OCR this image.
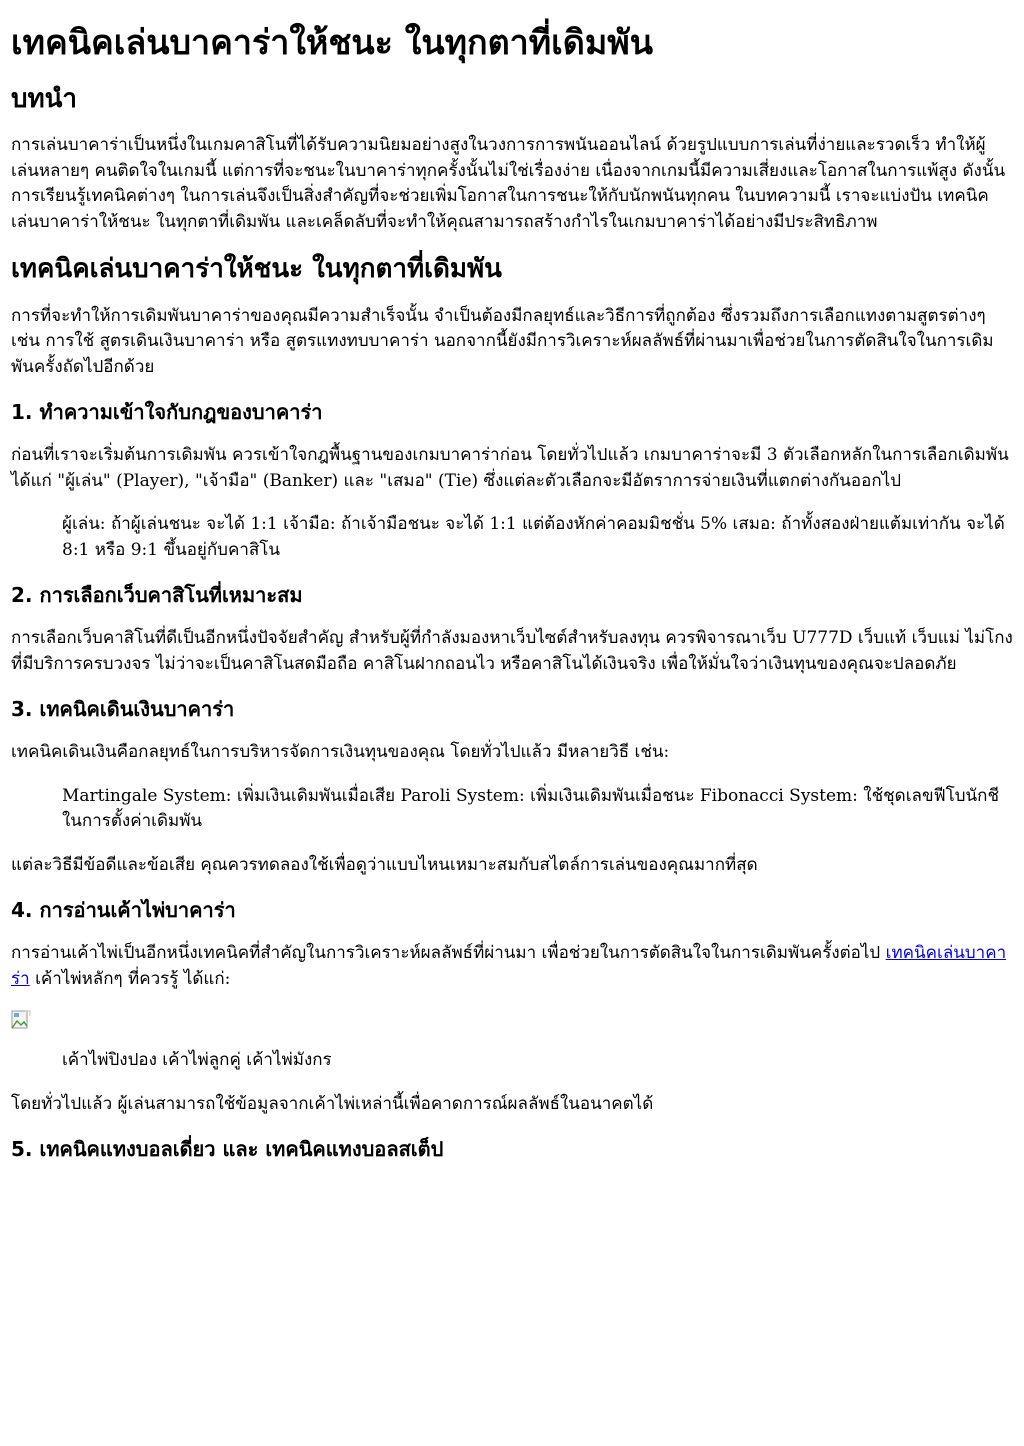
เทคนิคเล่นบาคาร่าให้ชนะ ในทุกตาที่เดิมพัน
บทนำ

การเล่นบาคาร่าเป็นหนึ่งในเกมคาสิโนที่ได้รับความนิยมอย่างสูงในวงการการพนันออนไลน์ ด้วยรูปแบบการเล่นที่ง่ายและรวดเร็ว ทำให้ผู้เล่นหลายๆ คนติดใจในเกมนี้ แต่การที่จะชนะในบาคาร่าทุกครั้งนั้นไม่ใช่เรื่องง่าย เนื่องจากเกมนี้มีความเสี่ยงและโอกาสในการแพ้สูง ดังนั้น การเรียนรู้เทคนิคต่างๆ ในการเล่นจึงเป็นสิ่งสำคัญที่จะช่วยเพิ่มโอกาสในการชนะให้กับนักพนันทุกคน ในบทความนี้ เราจะแบ่งปัน เทคนิคเล่นบาคาร่าให้ชนะ ในทุกตาที่เดิมพัน และเคล็ดลับที่จะทำให้คุณสามารถสร้างกำไรในเกมบาคาร่าได้อย่างมีประสิทธิภาพ

เทคนิคเล่นบาคาร่าให้ชนะ ในทุกตาที่เดิมพัน

การที่จะทำให้การเดิมพันบาคาร่าของคุณมีความสำเร็จนั้น จำเป็นต้องมีกลยุทธ์และวิธีการที่ถูกต้อง ซึ่งรวมถึงการเลือกแทงตามสูตรต่างๆ เช่น การใช้ สูตรเดินเงินบาคาร่า หรือ สูตรแทงทบบาคาร่า นอกจากนี้ยังมีการวิเคราะห์ผลลัพธ์ที่ผ่านมาเพื่อช่วยในการตัดสินใจในการเดิมพันครั้งถัดไปอีกด้วย

1. ทำความเข้าใจกับกฎของบาคาร่า

ก่อนที่เราจะเริ่มต้นการเดิมพัน ควรเข้าใจกฎพื้นฐานของเกมบาคาร่าก่อน โดยทั่วไปแล้ว เกมบาคาร่าจะมี 3 ตัวเลือกหลักในการเลือกเดิมพัน ได้แก่ "ผู้เล่น" (Player), "เจ้ามือ" (Banker) และ "เสมอ" (Tie) ซึ่งแต่ละตัวเลือกจะมีอัตราการจ่ายเงินที่แตกต่างกันออกไป

ผู้เล่น: ถ้าผู้เล่นชนะ จะได้ 1:1 เจ้ามือ: ถ้าเจ้ามือชนะ จะได้ 1:1 แต่ต้องหักค่าคอมมิชชั่น 5% เสมอ: ถ้าทั้งสองฝ่ายแต้มเท่ากัน จะได้ 8:1 หรือ 9:1 ขึ้นอยู่กับคาสิโน
2. การเลือกเว็บคาสิโนที่เหมาะสม

การเลือกเว็บคาสิโนที่ดีเป็นอีกหนึ่งปัจจัยสำคัญ สำหรับผู้ที่กำลังมองหาเว็บไซต์สำหรับลงทุน ควรพิจารณาเว็บ U777D เว็บแท้ เว็บแม่ ไม่โกง ที่มีบริการครบวงจร ไม่ว่าจะเป็นคาสิโนสดมือถือ คาสิโนฝากถอนไว หรือคาสิโนได้เงินจริง เพื่อให้มั่นใจว่าเงินทุนของคุณจะปลอดภัย

3. เทคนิคเดินเงินบาคาร่า

เทคนิคเดินเงินคือกลยุทธ์ในการบริหารจัดการเงินทุนของคุณ โดยทั่วไปแล้ว มีหลายวิธี เช่น:

Martingale System: เพิ่มเงินเดิมพันเมื่อเสีย Paroli System: เพิ่มเงินเดิมพันเมื่อชนะ Fibonacci System: ใช้ชุดเลขฟีโบนักชีในการตั้งค่าเดิมพัน

แต่ละวิธีมีข้อดีและข้อเสีย คุณควรทดลองใช้เพื่อดูว่าแบบไหนเหมาะสมกับสไตล์การเล่นของคุณมากที่สุด

4. การอ่านเค้าไพ่บาคาร่า

การอ่านเค้าไพ่เป็นอีกหนึ่งเทคนิคที่สำคัญในการวิเคราะห์ผลลัพธ์ที่ผ่านมา เพื่อช่วยในการตัดสินใจในการเดิมพันครั้งต่อไป เทคนิคเล่นบาคาร่า เค้าไพ่หลักๆ ที่ควรรู้ ได้แก่:

เค้าไพ่ปิงปอง เค้าไพ่ลูกคู่ เค้าไพ่มังกร

โดยทั่วไปแล้ว ผู้เล่นสามารถใช้ข้อมูลจากเค้าไพ่เหล่านี้เพื่อคาดการณ์ผลลัพธ์ในอนาคตได้

5. เทคนิคแทงบอลเดี่ยว และ เทคนิคแทงบอลสเต็ป
